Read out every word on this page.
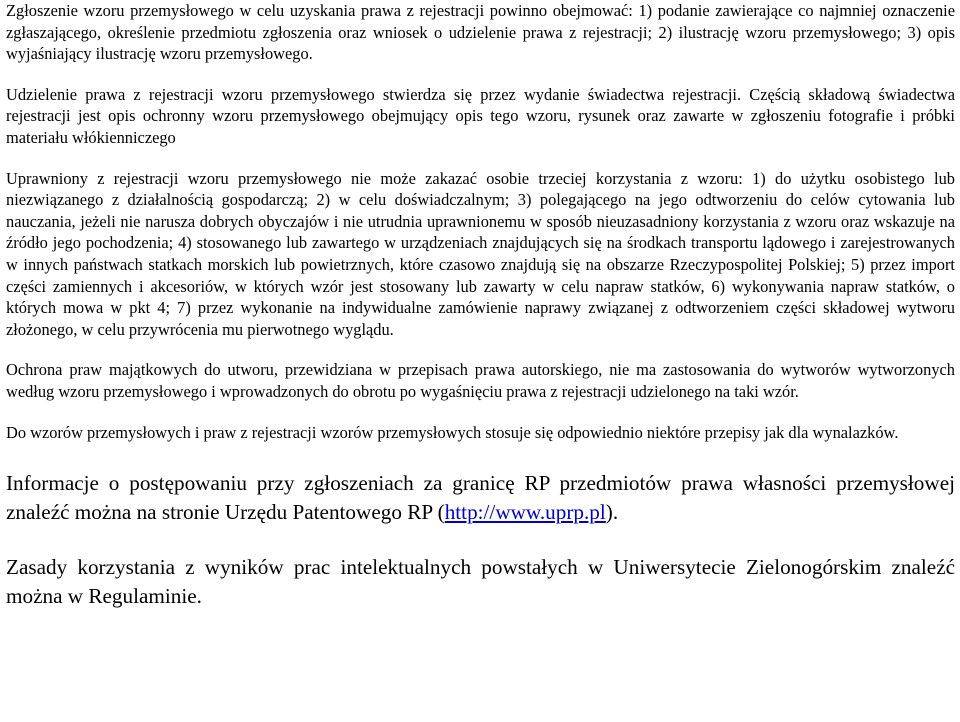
Zgłoszenie wzoru przemysłowego w celu uzyskania prawa z rejestracji powinno obejmować: 1) podanie zawierające co najmniej oznaczenie zgłaszającego, określenie przedmiotu zgłoszenia oraz wniosek o udzielenie prawa z rejestracji; 2) ilustrację wzoru przemysłowego; 3) opis wyjaśniający ilustrację wzoru przemysłowego.

Udzielenie prawa z rejestracji wzoru przemysłowego stwierdza się przez wydanie świadectwa rejestracji. Częścią składową świadectwa rejestracji jest opis ochronny wzoru przemysłowego obejmujący opis tego wzoru, rysunek oraz zawarte w zgłoszeniu fotografie i próbki materiału włókienniczego

Uprawniony z rejestracji wzoru przemysłowego nie może zakazać osobie trzeciej korzystania z wzoru: 1) do użytku osobistego lub niezwiązanego z działalnością gospodarczą; 2) w celu doświadczalnym; 3) polegającego na jego odtworzeniu do celów cytowania lub nauczania, jeżeli nie narusza dobrych obyczajów i nie utrudnia uprawnionemu w sposób nieuzasadniony korzystania z wzoru oraz wskazuje na źródło jego pochodzenia; 4) stosowanego lub zawartego w urządzeniach znajdujących się na środkach transportu lądowego i zarejestrowanych w innych państwach statkach morskich lub powietrznych, które czasowo znajdują się na obszarze Rzeczypospolitej Polskiej; 5) przez import części zamiennych i akcesoriów, w których wzór jest stosowany lub zawarty w celu napraw statków, 6) wykonywania napraw statków, o których mowa w pkt 4; 7) przez wykonanie na indywidualne zamówienie naprawy związanej z odtworzeniem części składowej wytworu złożonego, w celu przywrócenia mu pierwotnego wyglądu.

Ochrona praw majątkowych do utworu, przewidziana w przepisach prawa autorskiego, nie ma zastosowania do wytworów wytworzonych według wzoru przemysłowego i wprowadzonych do obrotu po wygaśnięciu prawa z rejestracji udzielonego na taki wzór.

Do wzorów przemysłowych i praw z rejestracji wzorów przemysłowych stosuje się odpowiednio niektóre przepisy jak dla wynalazków.

Informacje o postępowaniu przy zgłoszeniach za granicę RP przedmiotów prawa własności przemysłowej znaleźć można na stronie Urzędu Patentowego RP (http://www.uprp.pl).

Zasady korzystania z wyników prac intelektualnych powstałych w Uniwersytecie Zielonogórskim znaleźć można w Regulaminie.
